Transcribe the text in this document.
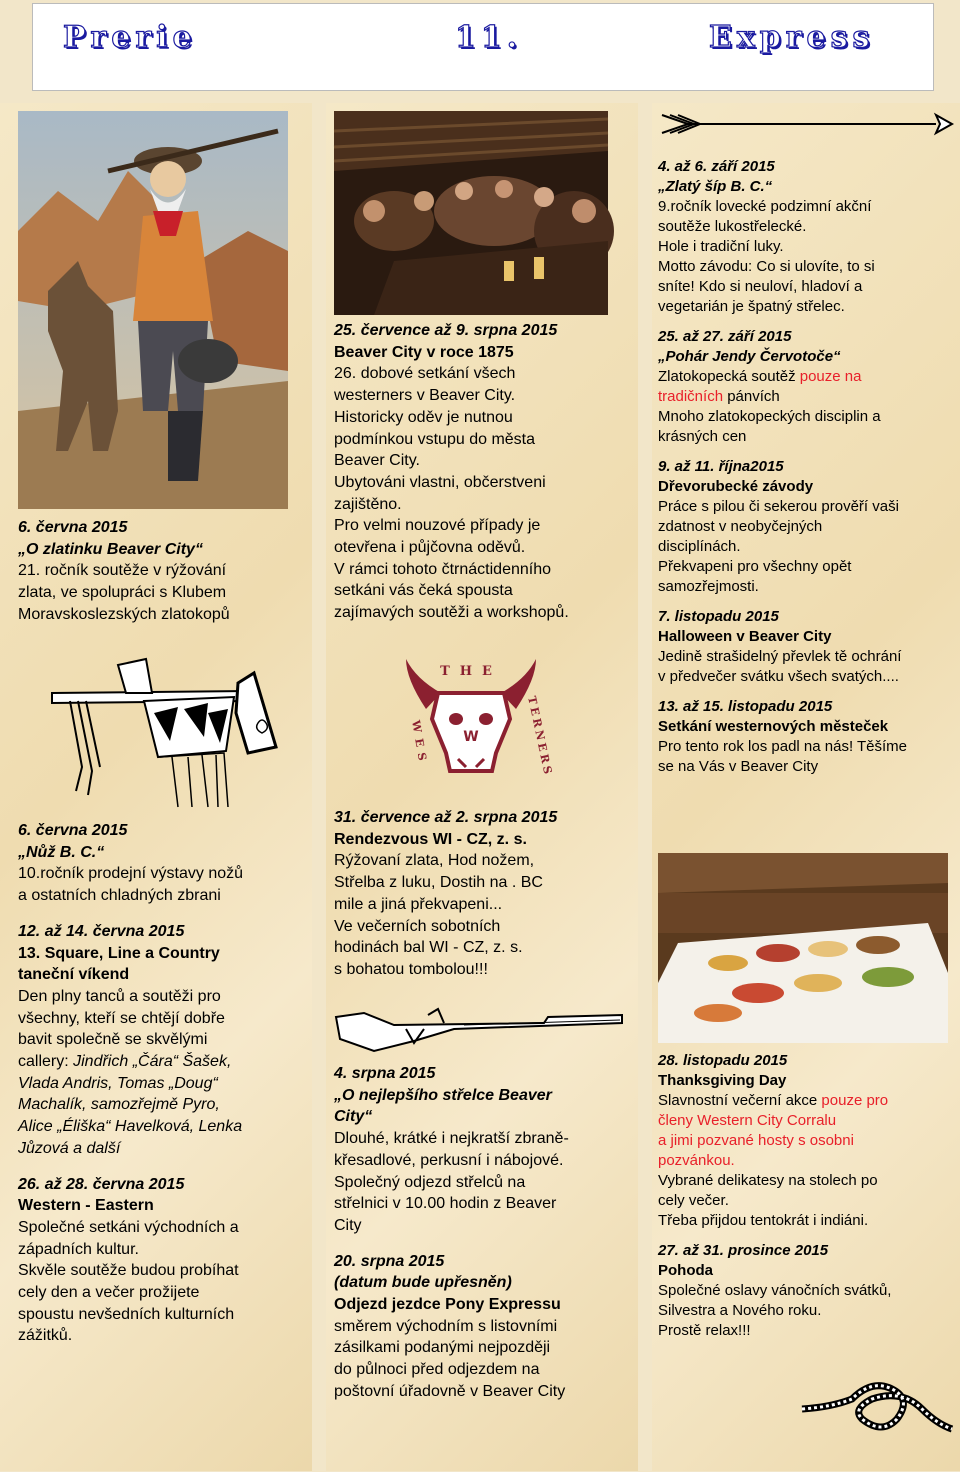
Prerie	11.	Express
6. června 2015
„O zlatinku Beaver City“
21. ročník soutěže v rýžování
zlata, ve spolupráci s Klubem
Moravskoslezských zlatokopů
6. června 2015
„Nůž B. C.“
10.ročník prodejní výstavy nožů
a ostatních chladných zbrani
12. až 14. června 2015
13. Square, Line a Country
taneční víkend
Den plny tanců a soutěži pro
všechny, kteří se chtějí dobře
bavit společně se skvělými
callery: Jindřich „Čára“ Šašek,
Vlada Andris, Tomas „Doug“
Machalík, samozřejmě Pyro,
Alice „Éliška“ Havelková, Lenka
Jůzová a další
26. až 28. června 2015
Western - Eastern
Společné setkáni východních a
západních kultur.
Skvěle soutěže budou probíhat
cely den a večer prožijete
spoustu nevšedních kulturních
zážitků.
25. července až 9. srpna 2015
Beaver City v roce 1875
26. dobové setkání všech
westerners v Beaver City.
Historicky oděv je nutnou
podmínkou vstupu do města
Beaver City.
Ubytováni vlastni, občerstveni
zajištěno.
Pro velmi nouzové případy je
otevřena i půjčovna oděvů.
V rámci tohoto čtrnáctidenního
setkáni vás čeká spousta
zajímavých soutěži a workshopů.
W
THE
WES	TERNERS
31. července až 2. srpna 2015
Rendezvous WI - CZ, z. s.
Rýžovaní zlata, Hod nožem,
Střelba z luku, Dostih na . BC
mile a jiná překvapeni...
Ve večerních sobotních
hodinách bal WI - CZ, z. s.
s bohatou tombolou!!!
4. srpna 2015
„O nejlepšího střelce Beaver
City“
Dlouhé, krátké i nejkratší zbraně-
křesadlové, perkusní i nábojové.
Společný odjezd střelců na
střelnici v 10.00 hodin z Beaver
City
20. srpna 2015
(datum bude upřesněn)
Odjezd jezdce Pony Expressu
směrem východním s listovními
zásilkami podanými nejpozději
do půlnoci před odjezdem na
poštovní úřadovně v Beaver City
4. až 6. září 2015
„Zlatý šíp B. C.“
9.ročník lovecké podzimní akční
soutěže lukostřelecké.
Hole i tradiční luky.
Motto závodu: Co si ulovíte, to si
sníte! Kdo si neuloví, hladoví a
vegetarián je špatný střelec.
25. až 27. září 2015
„Pohár Jendy Červotoče“
Zlatokopecká soutěž pouze na
tradičních pánvích
Mnoho zlatokopeckých disciplin a
krásných cen
9. až 11. října2015
Dřevorubecké závody
Práce s pilou či sekerou prověří vaši
zdatnost v neobyčejných
disciplínách.
Překvapeni pro všechny opět
samozřejmosti.
7. listopadu 2015
Halloween v Beaver City
Jedině strašidelný převlek tě ochrání
v předvečer svátku všech svatých....
13. až 15. listopadu 2015
Setkání westernových městeček
Pro tento rok los padl na nás! Těšíme
se na Vás v Beaver City
28. listopadu 2015
Thanksgiving Day
Slavnostní večerní akce pouze pro
členy Western City Corralu
a jimi pozvané hosty s osobni
pozvánkou.
Vybrané delikatesy na stolech po
cely večer.
Třeba přijdou tentokrát i indiáni.
27. až 31. prosince 2015
Pohoda
Společné oslavy vánočních svátků,
Silvestra a Nového roku.
Prostě relax!!!
